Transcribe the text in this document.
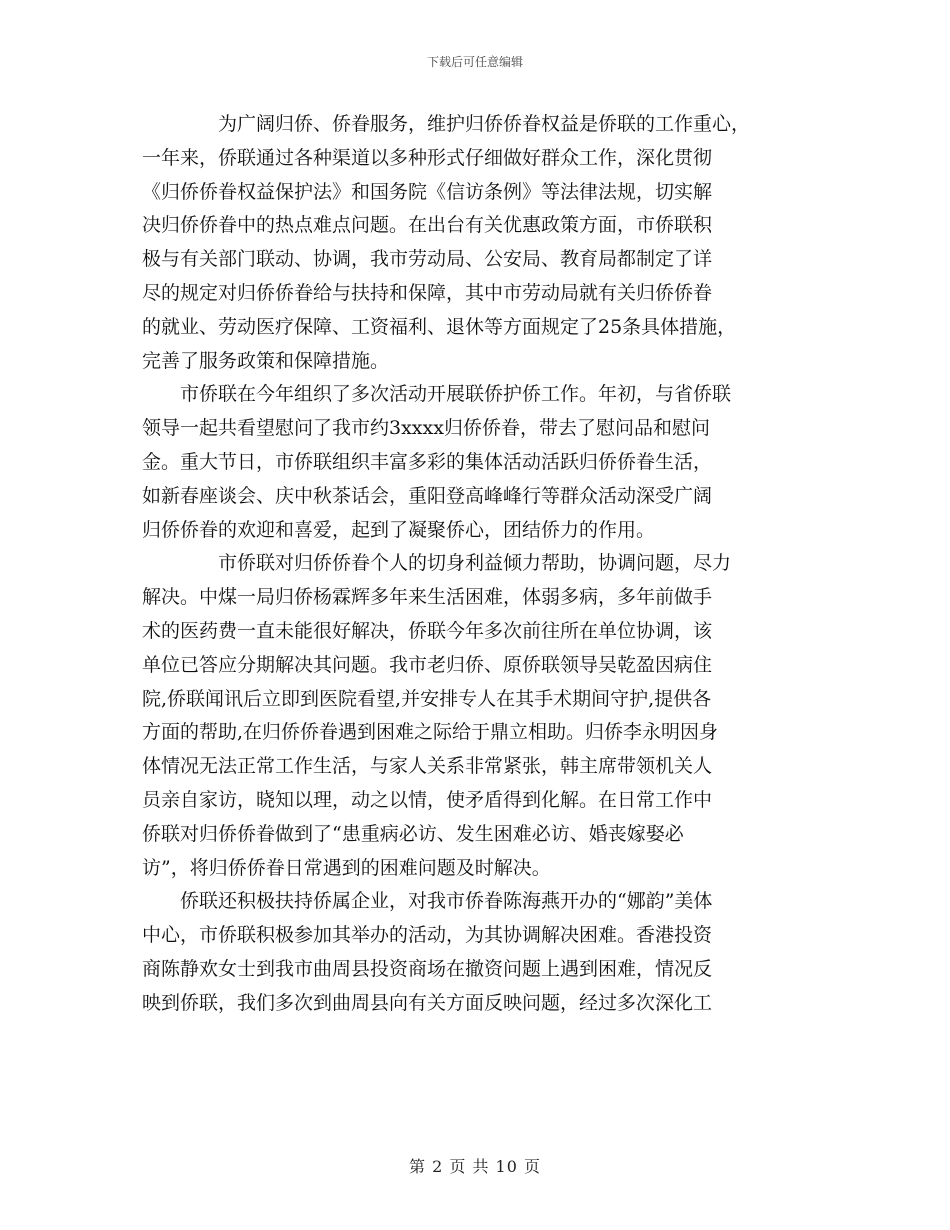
下载后可任意编辑
为广阔归侨、侨眷服务，维护归侨侨眷权益是侨联的工作重心，
一年来，侨联通过各种渠道以多种形式仔细做好群众工作，深化贯彻
《归侨侨眷权益保护法》和国务院《信访条例》等法律法规，切实解
决归侨侨眷中的热点难点问题。在出台有关优惠政策方面，市侨联积
极与有关部门联动、协调，我市劳动局、公安局、教育局都制定了详
尽的规定对归侨侨眷给与扶持和保障，其中市劳动局就有关归侨侨眷
的就业、劳动医疗保障、工资福利、退休等方面规定了25条具体措施，
完善了服务政策和保障措施。
市侨联在今年组织了多次活动开展联侨护侨工作。年初，与省侨联
领导一起共看望慰问了我市约3xxxx归侨侨眷，带去了慰问品和慰问
金。重大节日，市侨联组织丰富多彩的集体活动活跃归侨侨眷生活，
如新春座谈会、庆中秋茶话会，重阳登高峰峰行等群众活动深受广阔
归侨侨眷的欢迎和喜爱，起到了凝聚侨心，团结侨力的作用。
市侨联对归侨侨眷个人的切身利益倾力帮助，协调问题，尽力
解决。中煤一局归侨杨霖辉多年来生活困难，体弱多病，多年前做手
术的医药费一直未能很好解决，侨联今年多次前往所在单位协调，该
单位已答应分期解决其问题。我市老归侨、原侨联领导吴乾盈因病住
院,侨联闻讯后立即到医院看望,并安排专人在其手术期间守护,提供各
方面的帮助,在归侨侨眷遇到困难之际给于鼎立相助。归侨李永明因身
体情况无法正常工作生活，与家人关系非常紧张，韩主席带领机关人
员亲自家访，晓知以理，动之以情，使矛盾得到化解。在日常工作中
侨联对归侨侨眷做到了“患重病必访、发生困难必访、婚丧嫁娶必
访”，将归侨侨眷日常遇到的困难问题及时解决。
侨联还积极扶持侨属企业，对我市侨眷陈海燕开办的“娜韵”美体
中心，市侨联积极参加其举办的活动，为其协调解决困难。香港投资
商陈静欢女士到我市曲周县投资商场在撤资问题上遇到困难，情况反
映到侨联，我们多次到曲周县向有关方面反映问题，经过多次深化工
第 2 页 共 10 页
